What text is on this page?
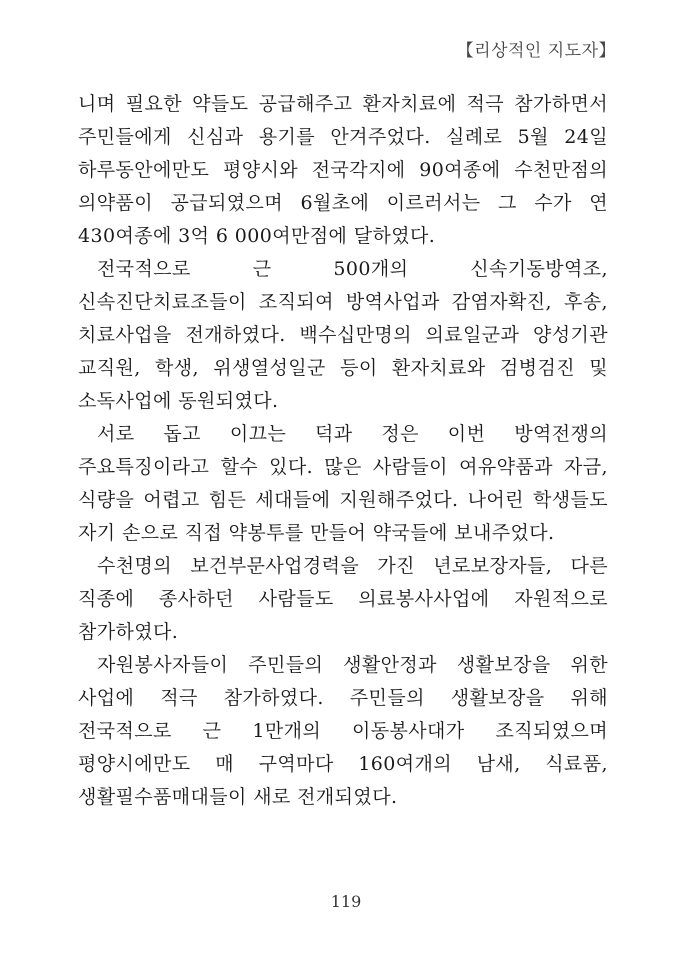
【리상적인 지도자】

니며 필요한 약들도 공급해주고 환자치료에 적극 참가하면서 주민들에게 신심과 용기를 안겨주었다. 실례로 5월 24일 하루동안에만도 평양시와 전국각지에 90여종에 수천만점의 의약품이 공급되였으며 6월초에 이르러서는 그 수가 연 430여종에 3억 6 000여만점에 달하였다.

전국적으로 근 500개의 신속기동방역조, 신속진단치료조들이 조직되여 방역사업과 감염자확진, 후송, 치료사업을 전개하였다. 백수십만명의 의료일군과 양성기관 교직원, 학생, 위생열성일군 등이 환자치료와 검병검진 및 소독사업에 동원되였다.

서로 돕고 이끄는 덕과 정은 이번 방역전쟁의 주요특징이라고 할수 있다. 많은 사람들이 여유약품과 자금, 식량을 어렵고 힘든 세대들에 지원해주었다. 나어린 학생들도 자기 손으로 직접 약봉투를 만들어 약국들에 보내주었다.

수천명의 보건부문사업경력을 가진 년로보장자들, 다른 직종에 종사하던 사람들도 의료봉사사업에 자원적으로 참가하였다.

자원봉사자들이 주민들의 생활안정과 생활보장을 위한 사업에 적극 참가하였다. 주민들의 생활보장을 위해 전국적으로 근 1만개의 이동봉사대가 조직되였으며 평양시에만도 매 구역마다 160여개의 남새, 식료품, 생활필수품매대들이 새로 전개되였다.

119
